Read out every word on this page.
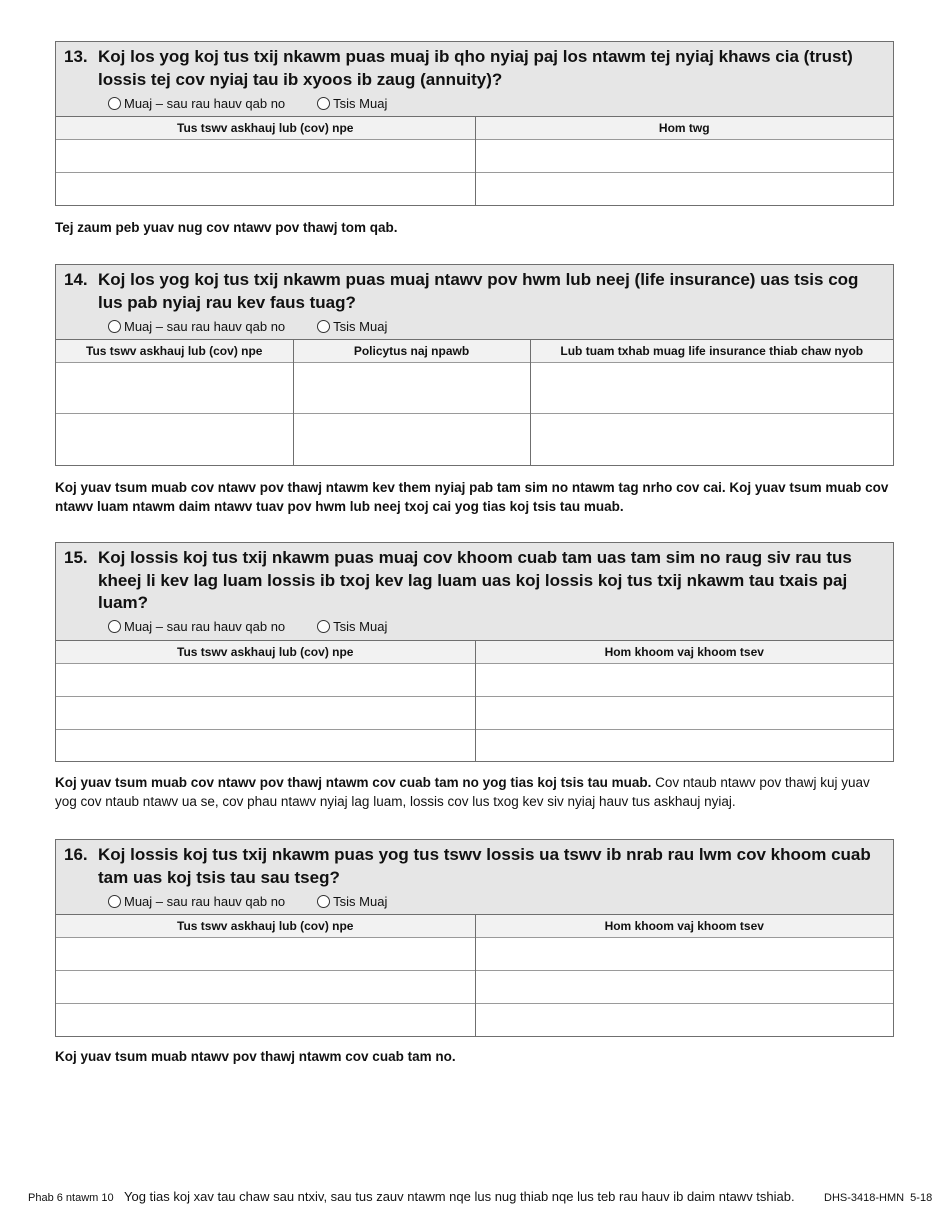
13. Koj los yog koj tus txij nkawm puas muaj ib qho nyiaj paj los ntawm tej nyiaj khaws cia (trust) lossis tej cov nyiaj tau ib xyoos ib zaug (annuity)?
Muaj – sau rau hauv qab no	Tsis Muaj
Tus tswv askhauj lub (cov) npe	Hom twg

Tej zaum peb yuav nug cov ntawv pov thawj tom qab.
14. Koj los yog koj tus txij nkawm puas muaj ntawv pov hwm lub neej (life insurance) uas tsis cog lus pab nyiaj rau kev faus tuag?
Muaj – sau rau hauv qab no	Tsis Muaj
Tus tswv askhauj lub (cov) npe	Policytus naj npawb	Lub tuam txhab muag life insurance thiab chaw nyob

Koj yuav tsum muab cov ntawv pov thawj ntawm kev them nyiaj pab tam sim no ntawm tag nrho cov cai. Koj yuav tsum muab cov ntawv luam ntawm daim ntawv tuav pov hwm lub neej txoj cai yog tias koj tsis tau muab.
15. Koj lossis koj tus txij nkawm puas muaj cov khoom cuab tam uas tam sim no raug siv rau tus kheej li kev lag luam lossis ib txoj kev lag luam uas koj lossis koj tus txij nkawm tau txais paj luam?
Muaj – sau rau hauv qab no	Tsis Muaj
Tus tswv askhauj lub (cov) npe	Hom khoom vaj khoom tsev

Koj yuav tsum muab cov ntawv pov thawj ntawm cov cuab tam no yog tias koj tsis tau muab. Cov ntaub ntawv pov thawj kuj yuav yog cov ntaub ntawv ua se, cov phau ntawv nyiaj lag luam, lossis cov lus txog kev siv nyiaj hauv tus askhauj nyiaj.
16. Koj lossis koj tus txij nkawm puas yog tus tswv lossis ua tswv ib nrab rau lwm cov khoom cuab tam uas koj tsis tau sau tseg?
Muaj – sau rau hauv qab no	Tsis Muaj
Tus tswv askhauj lub (cov) npe	Hom khoom vaj khoom tsev

Koj yuav tsum muab ntawv pov thawj ntawm cov cuab tam no.
Phab 6 ntawm 10 Yog tias koj xav tau chaw sau ntxiv, sau tus zauv ntawm nqe lus nug thiab nqe lus teb rau hauv ib daim ntawv tshiab.	DHS-3418-HMN  5-18
